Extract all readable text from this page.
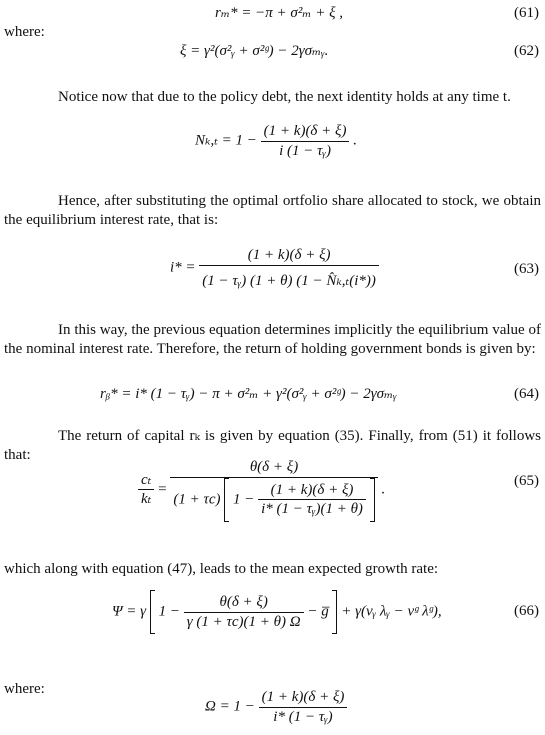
rₘ* = −π + σ²ₘ + ξ ,	(61)
where:
ξ = γ²(σ²ᵧ + σ²ᵍ) − 2γσₘᵧ.	(62)
Notice now that due to the policy debt, the next identity holds at any time t.
$N_k,_t = 1 - \frac{(1 + k)(\delta + \xi)}{\text{i (1 − τᵧ)}}$ .
Hence, after substituting the optimal ortfolio share allocated to stock, we obtain the equilibrium interest rate, that is:
$i* = \frac{(1 + k)(\delta + \xi)}{\text{(1 − τᵧ) (1 + θ) (1 − N̂ₖ,ₜ(i*))}}$	(63)
In this way, the previous equation determines implicitly the equilibrium value of the nominal interest rate. Therefore, the return of holding government bonds is given by:
rᵦ* = i* (1 − τᵧ) − π + σ²ₘ + γ²(σ²ᵧ + σ²ᵍ) − 2γσₘᵧ	(64)
The return of capital rₖ is given by equation (35). Finally, from (51) it follows that:
$\frac{\text{cₜ}}{\text{kₜ}}$ =
θ(δ + ξ)
(1 + τc) $1 - \frac{(1 + k)(\delta + \xi)}{\text{i* (1 − τᵧ)(1 + θ)}}$
.
(65)
which along with equation (47), leads to the mean expected growth rate:
Ψ = γ $1 - \frac{\theta(\delta + \xi)}{\gamma (1 + \tau c)(1 + \theta) \Omega}$ − g̅ + γ(νᵧ λᵧ − νᵍ λᵍ),	(66)
where:
$\Omega = 1 - \frac{(1 + k)(\delta + \xi)}{\text{i* (1 − τᵧ)}}$
